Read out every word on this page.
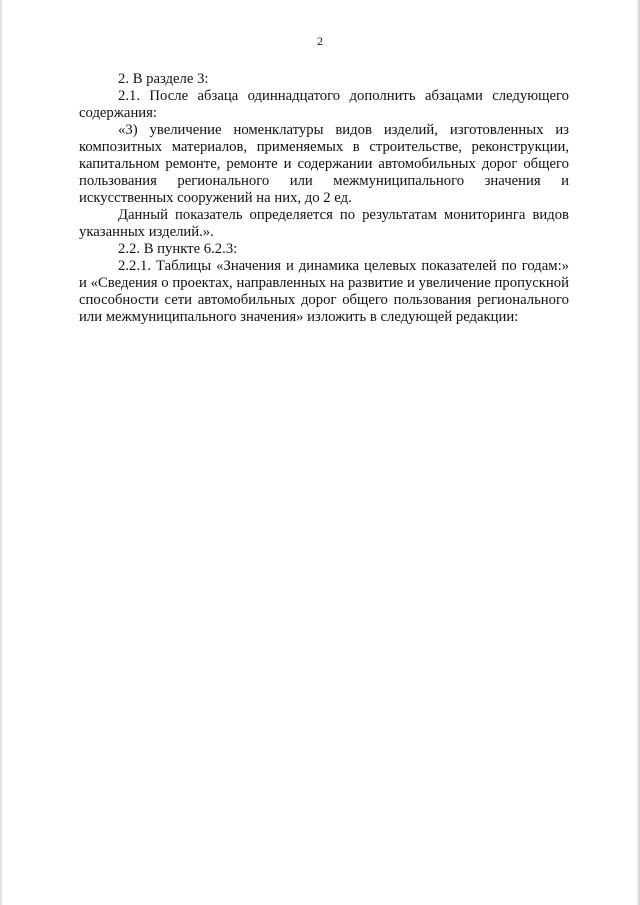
2

2. В разделе 3:

2.1. После абзаца одиннадцатого дополнить абзацами следующего содержания:

«3) увеличение номенклатуры видов изделий, изготовленных из композитных материалов, применяемых в строительстве, реконструкции, капитальном ремонте, ремонте и содержании автомобильных дорог общего пользования регионального или межмуниципального значения и искусственных сооружений на них, до 2 ед.

Данный показатель определяется по результатам мониторинга видов указанных изделий.».

2.2. В пункте 6.2.3:

2.2.1. Таблицы «Значения и динамика целевых показателей по годам:» и «Сведения о проектах, направленных на развитие и увеличение пропускной способности сети автомобильных дорог общего пользования регионального или межмуниципального значения» изложить в следующей редакции:
